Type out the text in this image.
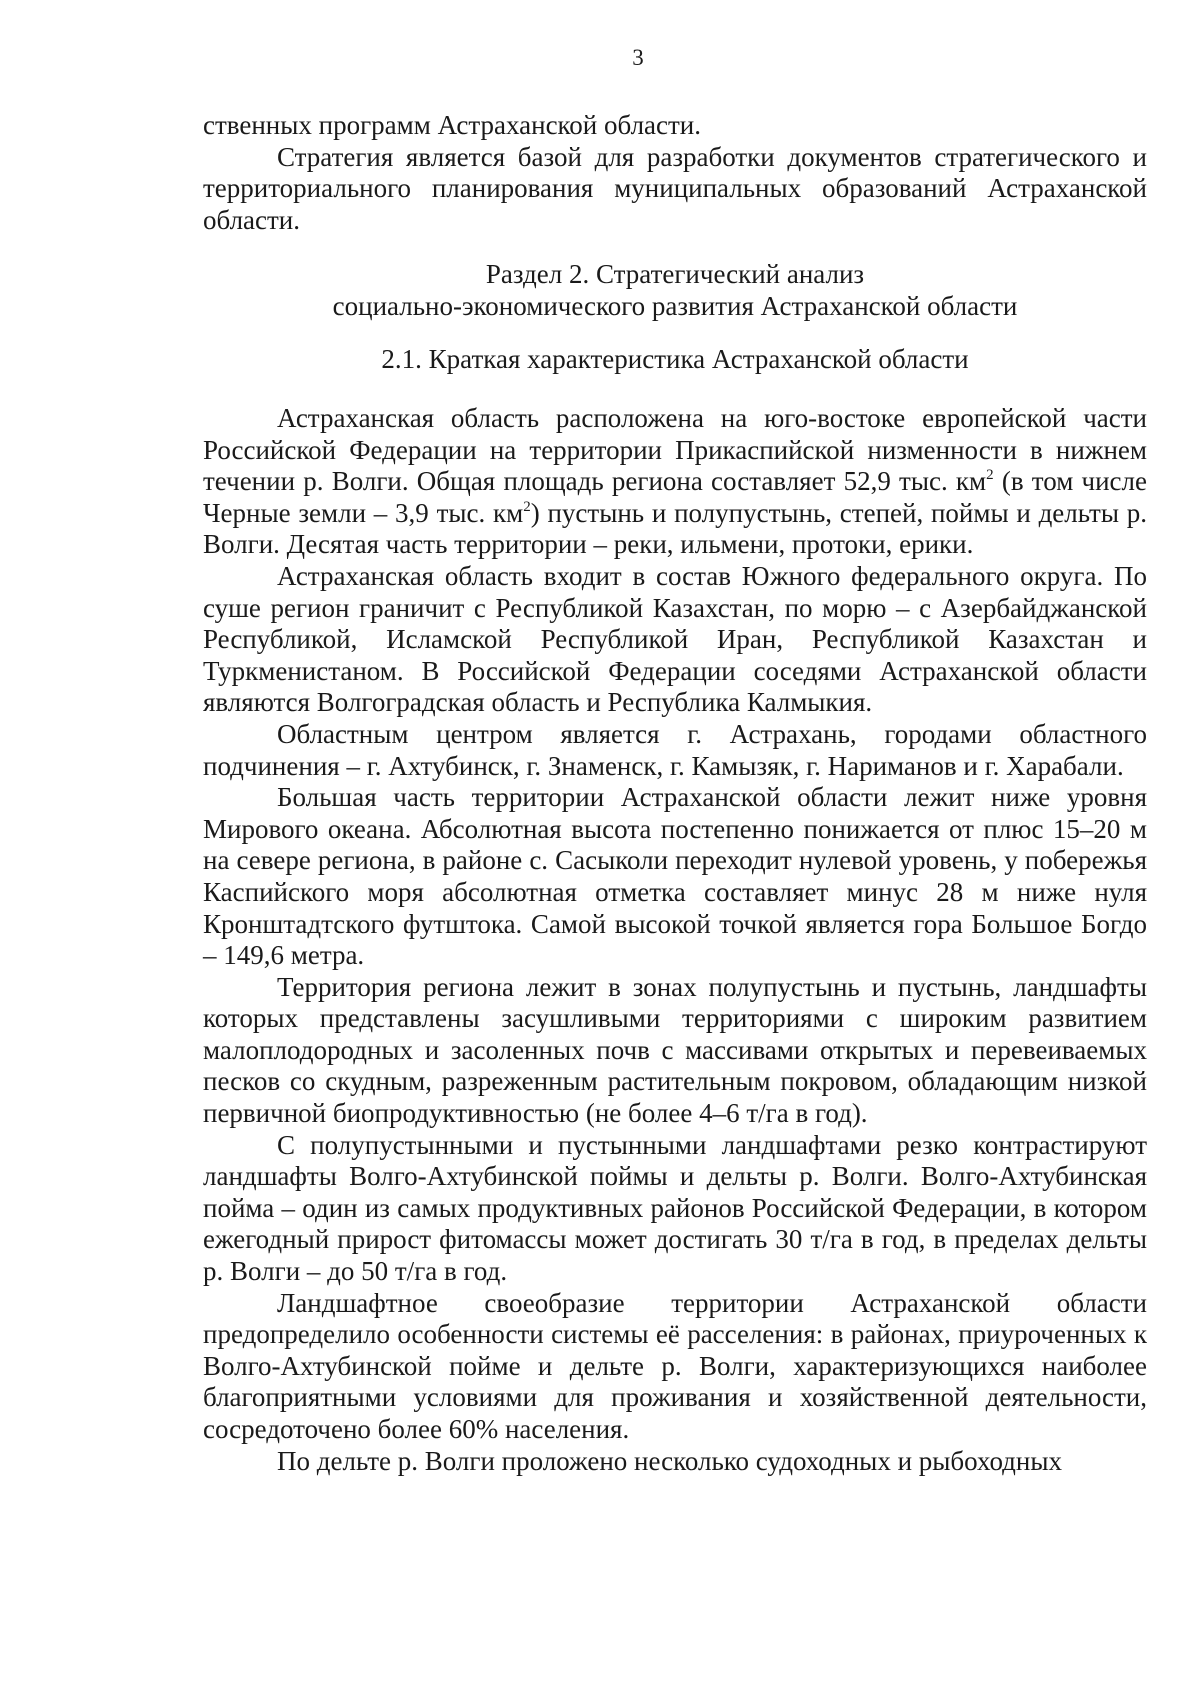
3

ственных программ Астраханской области.

Стратегия является базой для разработки документов стратегического и территориального планирования муниципальных образований Астраханской области.

Раздел 2. Стратегический анализ

социально-экономического развития Астраханской области

2.1. Краткая характеристика Астраханской области

Астраханская область расположена на юго-востоке европейской части Российской Федерации на территории Прикаспийской низменности в нижнем течении р. Волги. Общая площадь региона составляет 52,9 тыс. $км^2$ (в том числе Черные земли – 3,9 тыс. $км^2$) пустынь и полупустынь, степей, поймы и дельты р. Волги. Десятая часть территории – реки, ильмени, протоки, ерики.

Астраханская область входит в состав Южного федерального округа. По суше регион граничит с Республикой Казахстан, по морю – с Азербайджанской Республикой, Исламской Республикой Иран, Республикой Казахстан и Туркменистаном. В Российской Федерации соседями Астраханской области являются Волгоградская область и Республика Калмыкия.

Областным центром является г. Астрахань, городами областного подчинения – г. Ахтубинск, г. Знаменск, г. Камызяк, г. Нариманов и г. Харабали.

Большая часть территории Астраханской области лежит ниже уровня Мирового океана. Абсолютная высота постепенно понижается от плюс 15–20 м на севере региона, в районе с. Сасыколи переходит нулевой уровень, у побережья Каспийского моря абсолютная отметка составляет минус 28 м ниже нуля Кронштадтского футштока. Самой высокой точкой является гора Большое Богдо – 149,6 метра.

Территория региона лежит в зонах полупустынь и пустынь, ландшафты которых представлены засушливыми территориями с широким развитием малоплодородных и засоленных почв с массивами открытых и перевеиваемых песков со скудным, разреженным растительным покровом, обладающим низкой первичной биопродуктивностью (не более 4–6 т/га в год).

С полупустынными и пустынными ландшафтами резко контрастируют ландшафты Волго-Ахтубинской поймы и дельты р. Волги. Волго-Ахтубинская пойма – один из самых продуктивных районов Российской Федерации, в котором ежегодный прирост фитомассы может достигать 30 т/га в год, в пределах дельты р. Волги – до 50 т/га в год.

Ландшафтное своеобразие территории Астраханской области предопределило особенности системы её расселения: в районах, приуроченных к Волго-Ахтубинской пойме и дельте р. Волги, характеризующихся наиболее благоприятными условиями для проживания и хозяйственной деятельности, сосредоточено более 60% населения.

По дельте р. Волги проложено несколько судоходных и рыбоходных
